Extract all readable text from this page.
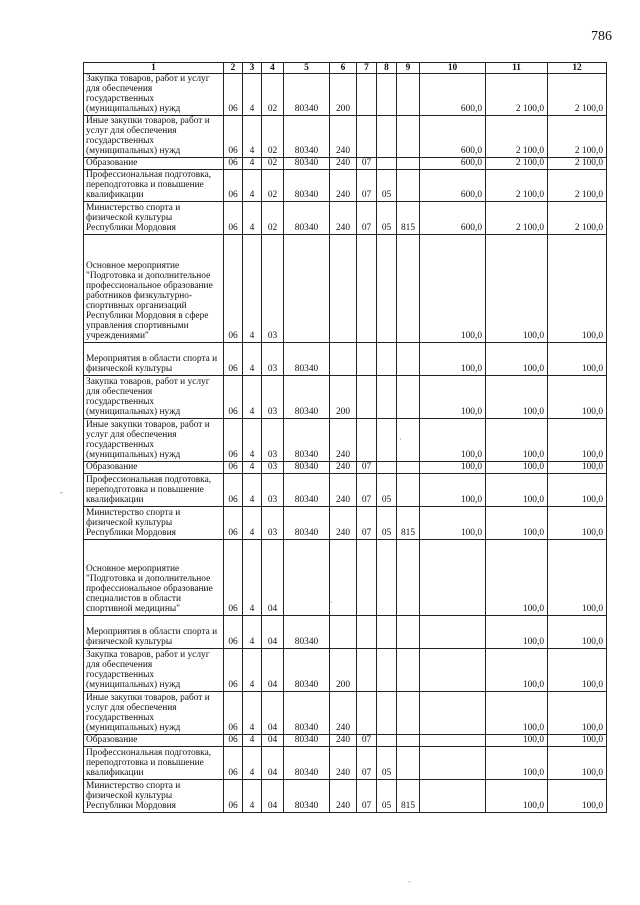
786
1	2	3	4	5	6	7	8	9	10	11	12
Закупка товаров, работ и услуг для обеспечения государственных (муниципальных) нужд	06	4	02	80340	200				600,0	2 100,0	2 100,0
Иные закупки товаров, работ и услуг для обеспечения государственных (муниципальных) нужд	06	4	02	80340	240				600,0	2 100,0	2 100,0
Образование	06	4	02	80340	240	07			600,0	2 100,0	2 100,0
Профессиональная подготовка, переподготовка и повышение квалификации	06	4	02	80340	240	07	05		600,0	2 100,0	2 100,0
Министерство спорта и физической культуры Республики Мордовия	06	4	02	80340	240	07	05	815	600,0	2 100,0	2 100,0
Основное мероприятие "Подготовка и дополнительное профессиональное образование работников физкультурно-спортивных организаций Республики Мордовия в сфере управления спортивными учреждениями"	06	4	03						100,0	100,0	100,0
Мероприятия в области спорта и физической культуры	06	4	03	80340					100,0	100,0	100,0
Закупка товаров, работ и услуг для обеспечения государственных (муниципальных) нужд	06	4	03	80340	200				100,0	100,0	100,0
Иные закупки товаров, работ и услуг для обеспечения государственных (муниципальных) нужд	06	4	03	80340	240				100,0	100,0	100,0
Образование	06	4	03	80340	240	07			100,0	100,0	100,0
Профессиональная подготовка, переподготовка и повышение квалификации	06	4	03	80340	240	07	05		100,0	100,0	100,0
Министерство спорта и физической культуры Республики Мордовия	06	4	03	80340	240	07	05	815	100,0	100,0	100,0
Основное мероприятие "Подготовка и дополнительное профессиональное образование специалистов в области спортивной медицины"	06	4	04							100,0	100,0
Мероприятия в области спорта и физической культуры	06	4	04	80340						100,0	100,0
Закупка товаров, работ и услуг для обеспечения государственных (муниципальных) нужд	06	4	04	80340	200					100,0	100,0
Иные закупки товаров, работ и услуг для обеспечения государственных (муниципальных) нужд	06	4	04	80340	240					100,0	100,0
Образование	06	4	04	80340	240	07				100,0	100,0
Профессиональная подготовка, переподготовка и повышение квалификации	06	4	04	80340	240	07	05			100,0	100,0
Министерство спорта и физической культуры Республики Мордовия	06	4	04	80340	240	07	05	815		100,0	100,0
·
·
`
-
